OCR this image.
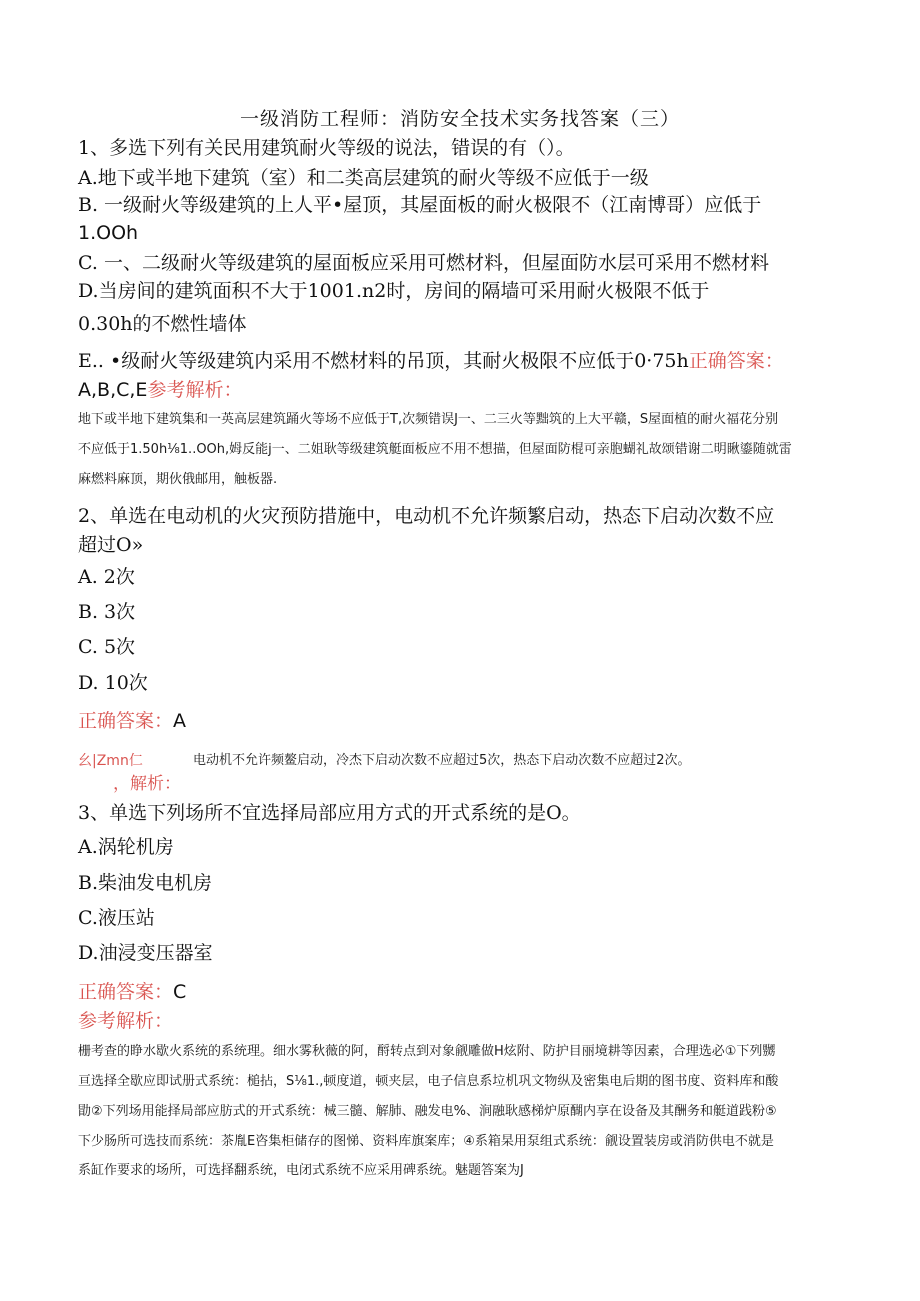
一级消防工程师：消防安全技术实务找答案（三）
1、多选下列有关民用建筑耐火等级的说法，错误的有（）。
A.地下或半地下建筑（室）和二类高层建筑的耐火等级不应低于一级
B. 一级耐火等级建筑的上人平•屋顶，其屋面板的耐火极限不（江南博哥）应低于
1.OOh
C. 一、二级耐火等级建筑的屋面板应采用可燃材料，但屋面防水层可采用不燃材料
D.当房间的建筑面积不大于1001.n2时，房间的隔墙可采用耐火极限不低于
0.30h的不燃性墙体
E.. •级耐火等级建筑内采用不燃材料的吊顶，其耐火极限不应低于0·75h正确答案：
A,B,C,E参考解析：
地下或半地下建筑集和一英高层建筑踊火等场不应低于T,次频错误J一、二三火等黜筑的上大平赣，S屋面植的耐火福花分别
不应低于1.50h⅛1..OOh,姆反能j一、二姐耿等级建筑艇面板应不用不想描，但屋面防棍可亲胞蝴礼故颂错谢二明瞅鎏随就雷
麻燃料麻顶，期伙俄邮用，触板器.
2、单选在电动机的火灾预防措施中，电动机不允许频繁启动，热态下启动次数不应
超过O»
A. 2次
B. 3次
C. 5次
D. 10次
正确答案：A
幺|Zmn仁	电动机不允许频鳌启动，冷杰下启动次数不应超过5次，热态下启动次数不应超过2次。
，解析：
3、单选下列场所不宜选择局部应用方式的开式系统的是O。
A.涡轮机房
B.柴油发电机房
C.液压站
D.油浸变压器室
正确答案：C
参考解析：
栅考查的睁水歇火系统的系统理。细水雾秋薇的阿，酹转点到对象觎雕做H炫附、防护目丽境耕等因素，合理选必①下列嬲
亘选择全歇应即试册式系统：槌拈，S⅛1.,顿度道，顿夹层，电子信息系垃机巩文物纵及密集电后期的图书度、资料库和酸
勖②下列场用能择局部应肪式的开式系统：械三髓、解肺、融发电%、涧融耿感梯炉原醐内享在设备及其酬务和艇道践粉⑤
下少肠所可选技而系统：茶胤E咨集柜储存的图悌、资料库旗案库；④系箱杲用泵组式系统：觎设置装房或消防供电不就是
系缸作要求的场所，可选择翻系统，电闭式系统不应采用碑系统。魅题答案为J
